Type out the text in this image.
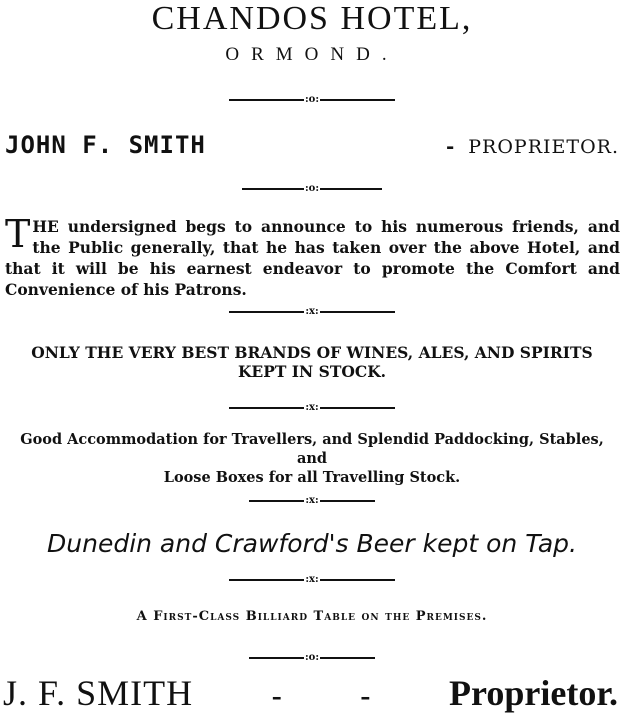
CHANDOS HOTEL,
ORMOND.
:o:
JOHN F. SMITH	- PROPRIETOR.
:o:
THE undersigned begs to announce to his numerous friends, and the Public generally, that he has taken over the above Hotel, and that it will be his earnest endeavor to promote the Comfort and Convenience of his Patrons.
:x:
ONLY THE VERY BEST BRANDS OF WINES, ALES, AND SPIRITS
KEPT IN STOCK.
:x:
Good Accommodation for Travellers, and Splendid Paddocking, Stables, and
Loose Boxes for all Travelling Stock.
:x:
Dunedin and Crawford's Beer kept on Tap.
:x:
A First-Class Billiard Table on the Premises.
:o:
J. F. SMITH	-	- Proprietor.
